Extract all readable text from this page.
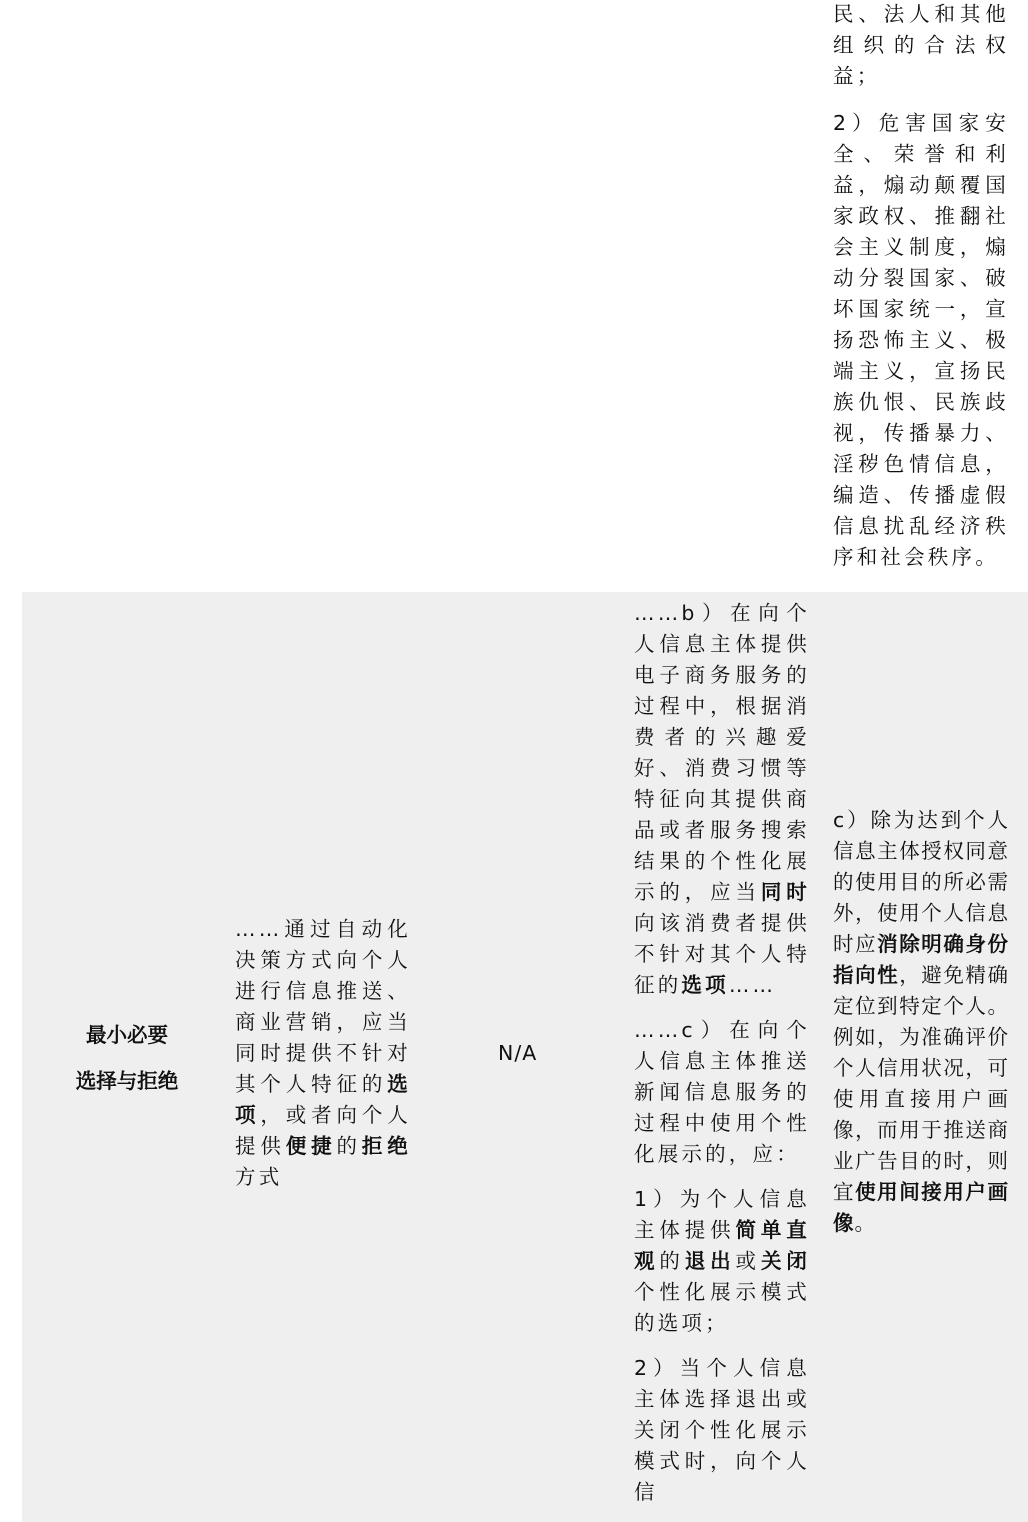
民、法人和其他组织的合法权益；

2）危害国家安全、荣誉和利益，煽动颠覆国家政权、推翻社会主义制度，煽动分裂国家、破坏国家统一，宣扬恐怖主义、极端主义，宣扬民族仇恨、民族歧视，传播暴力、淫秽色情信息，编造、传播虚假信息扰乱经济秩序和社会秩序。

最小必要
选择与拒绝
……通过自动化决策方式向个人进行信息推送、商业营销，应当同时提供不针对其个人特征的选项，或者向个人提供便捷的拒绝方式
N/A

……b）在向个人信息主体提供电子商务服务的过程中，根据消费者的兴趣爱好、消费习惯等特征向其提供商品或者服务搜索结果的个性化展示的，应当同时向该消费者提供不针对其个人特征的选项……

……c）在向个人信息主体推送新闻信息服务的过程中使用个性化展示的，应：

1）为个人信息主体提供简单直观的退出或关闭个性化展示模式的选项；

2）当个人信息主体选择退出或关闭个性化展示模式时，向个人信

c）除为达到个人信息主体授权同意的使用目的所必需外，使用个人信息时应消除明确身份指向性，避免精确定位到特定个人。例如，为准确评价个人信用状况，可使用直接用户画像，而用于推送商业广告目的时，则宜使用间接用户画像。
